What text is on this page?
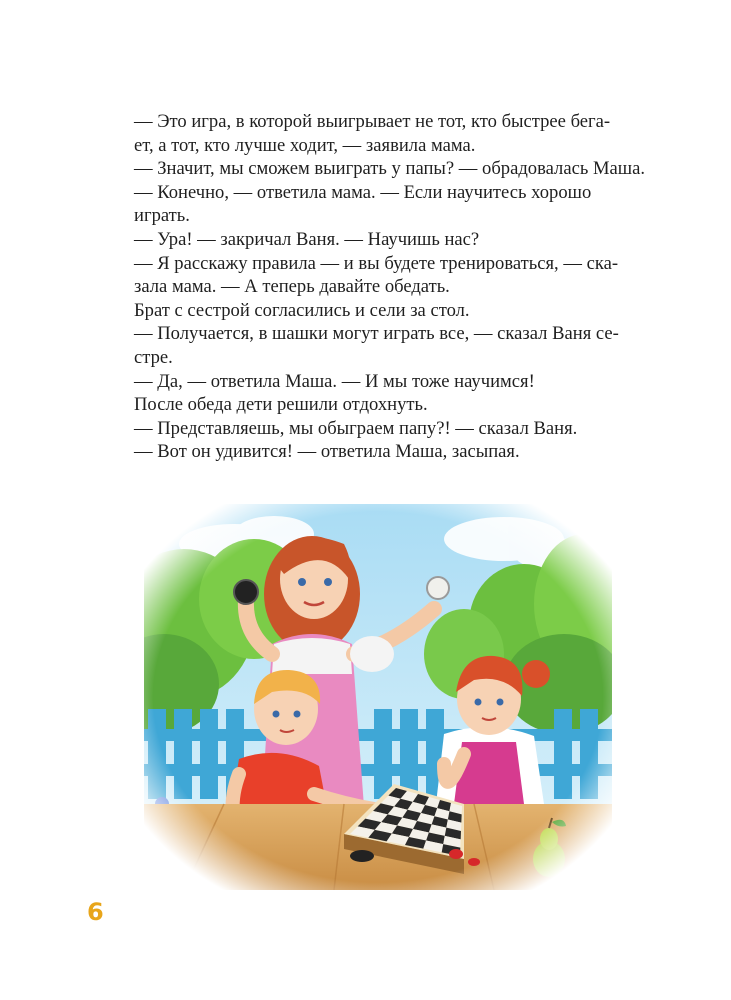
— Это игра, в которой выигрывает не тот, кто быстрее бега-
ет, а тот, кто лучше ходит, — заявила мама.
— Значит, мы сможем выиграть у папы? — обрадовалась Маша.
— Конечно, — ответила мама. — Если научитесь хорошо
играть.
— Ура! — закричал Ваня. — Научишь нас?
— Я расскажу правила — и вы будете тренироваться, — ска-
зала мама. — А теперь давайте обедать.
Брат с сестрой согласились и сели за стол.
— Получается, в шашки могут играть все, — сказал Ваня се-
стре.
— Да, — ответила Маша. — И мы тоже научимся!
После обеда дети решили отдохнуть.
— Представляешь, мы обыграем папу?! — сказал Ваня.
— Вот он удивится! — ответила Маша, засыпая.
6
